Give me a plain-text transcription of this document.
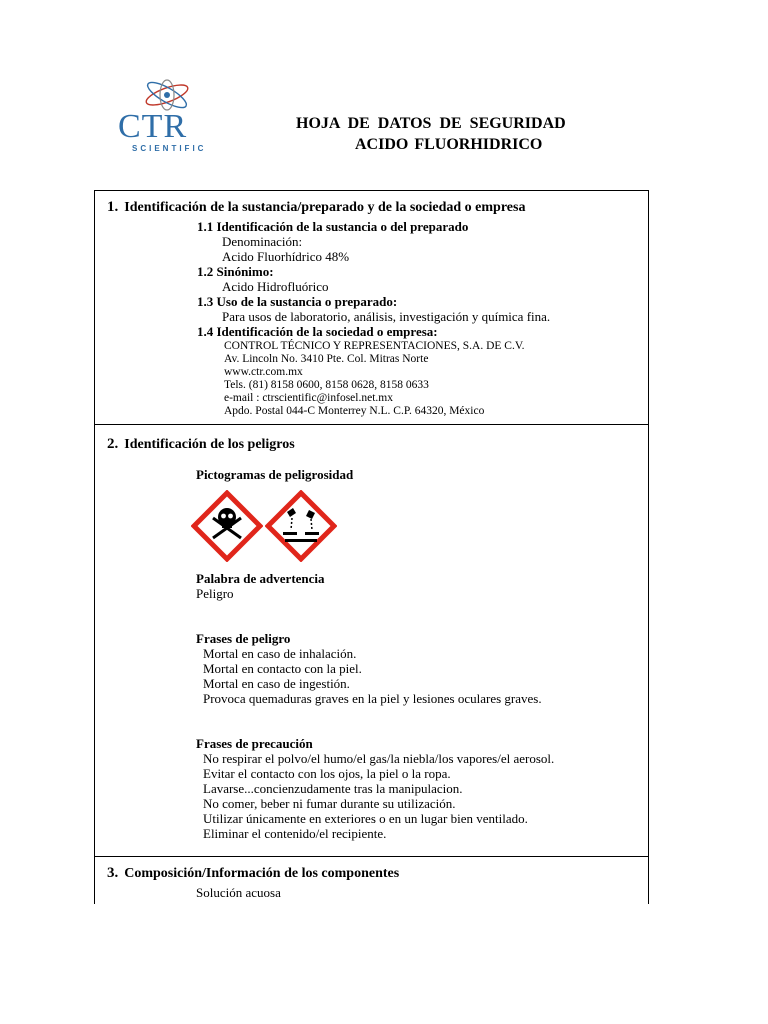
CTR
SCIENTIFIC
HOJA DE DATOS DE SEGURIDAD
ACIDO FLUORHIDRICO
1. Identificación de la sustancia/preparado y de la sociedad o empresa
1.1 Identificación de la sustancia o del preparado
Denominación:
Acido Fluorhídrico 48%
1.2 Sinónimo:
Acido Hidrofluórico
1.3 Uso de la sustancia o preparado:
Para usos de laboratorio, análisis, investigación y química fina.
1.4 Identificación de la sociedad o empresa:
CONTROL TÉCNICO Y REPRESENTACIONES, S.A. DE C.V.
Av. Lincoln No. 3410 Pte. Col. Mitras Norte
www.ctr.com.mx
Tels. (81) 8158 0600, 8158 0628, 8158 0633
e-mail : ctrscientific@infosel.net.mx
Apdo. Postal 044-C Monterrey N.L. C.P. 64320, México
2. Identificación de los peligros
Pictogramas de peligrosidad
Palabra de advertencia
Peligro
Frases de peligro
Mortal en caso de inhalación.
Mortal en contacto con la piel.
Mortal en caso de ingestión.
Provoca quemaduras graves en la piel y lesiones oculares graves.
Frases de precaución
No respirar el polvo/el humo/el gas/la niebla/los vapores/el aerosol.
Evitar el contacto con los ojos, la piel o la ropa.
Lavarse...concienzudamente tras la manipulacion.
No comer, beber ni fumar durante su utilización.
Utilizar únicamente en exteriores o en un lugar bien ventilado.
Eliminar el contenido/el recipiente.
3. Composición/Información de los componentes
Solución acuosa
